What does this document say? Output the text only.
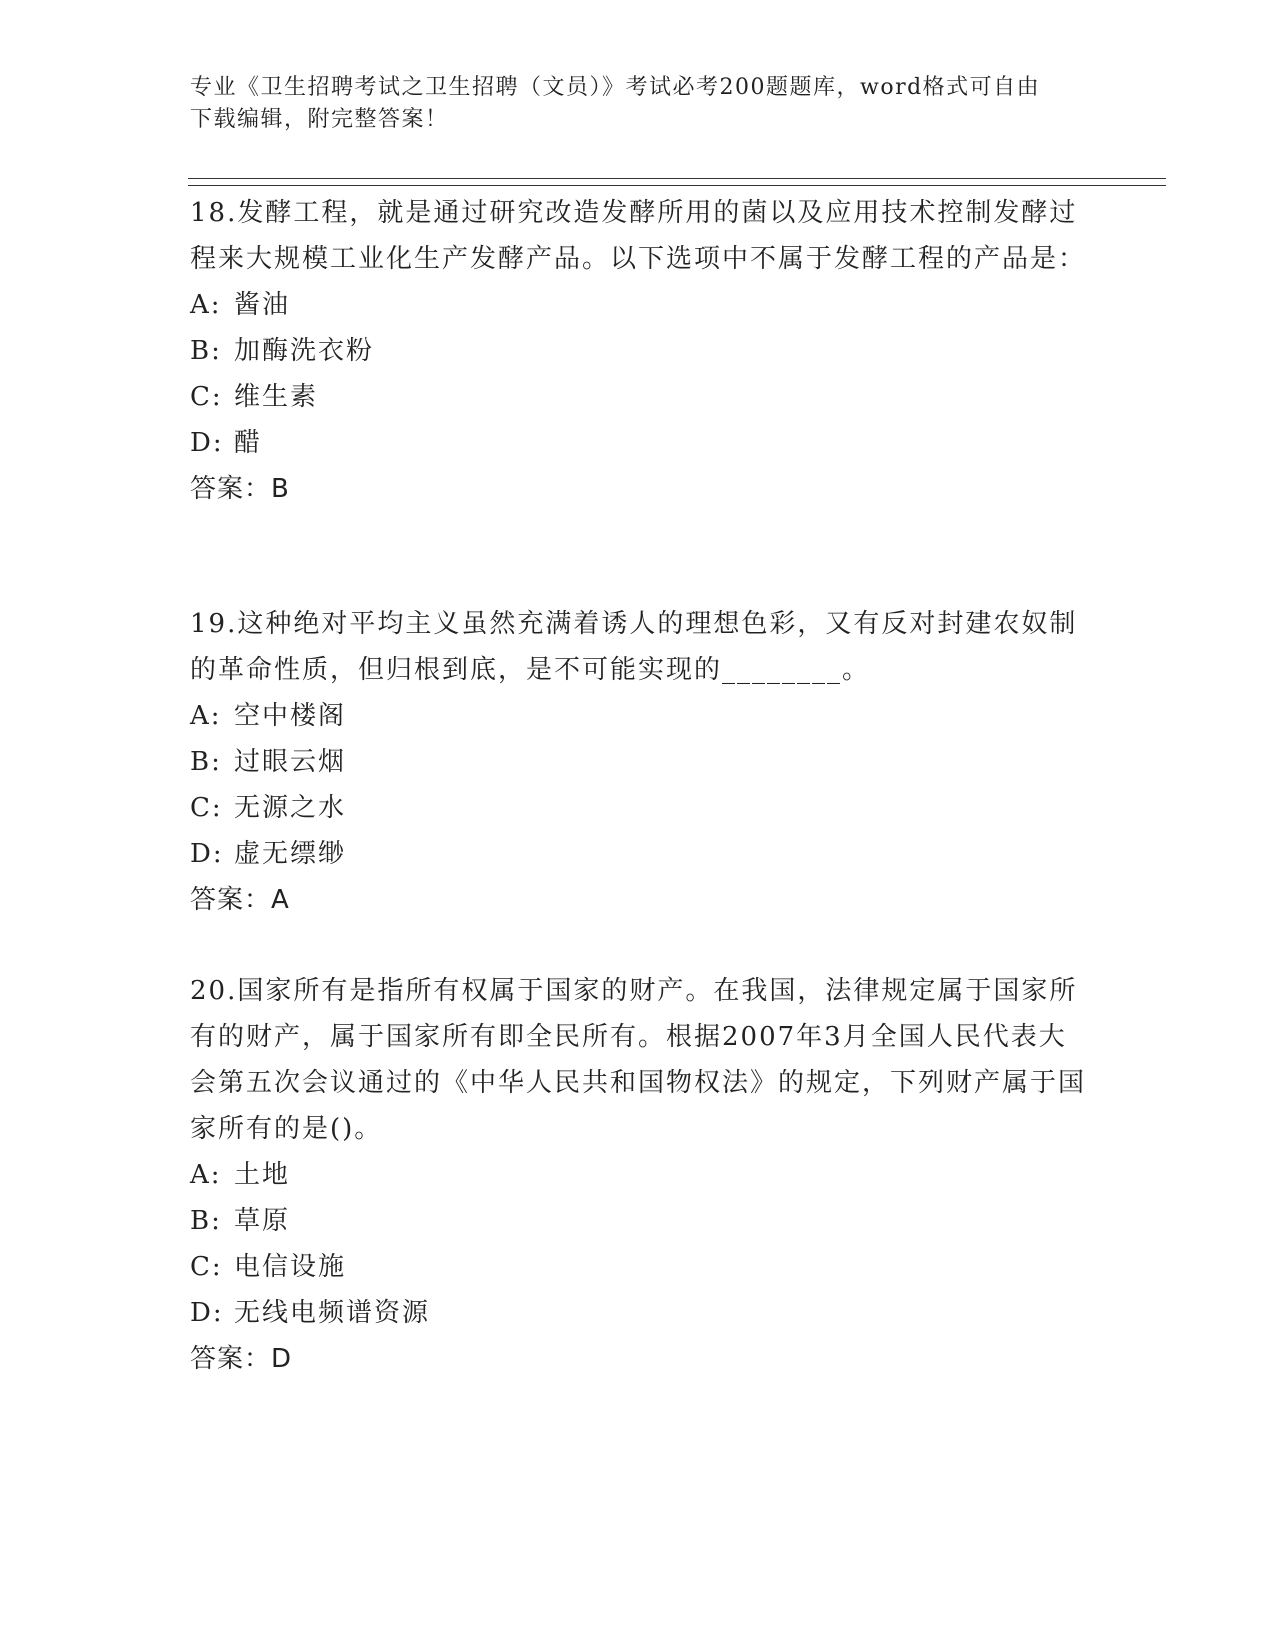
专业《卫生招聘考试之卫生招聘（文员）》考试必考200题题库，word格式可自由下载编辑，附完整答案！

18.发酵工程，就是通过研究改造发酵所用的菌以及应用技术控制发酵过程来大规模工业化生产发酵产品。以下选项中不属于发酵工程的产品是：

A: 酱油

B: 加酶洗衣粉

C: 维生素

D: 醋

答案：B

19.这种绝对平均主义虽然充满着诱人的理想色彩，又有反对封建农奴制的革命性质，但归根到底，是不可能实现的________。

A: 空中楼阁

B: 过眼云烟

C: 无源之水

D: 虚无缥缈

答案：A

20.国家所有是指所有权属于国家的财产。在我国，法律规定属于国家所有的财产，属于国家所有即全民所有。根据2007年3月全国人民代表大会第五次会议通过的《中华人民共和国物权法》的规定，下列财产属于国家所有的是()。

A: 土地

B: 草原

C: 电信设施

D: 无线电频谱资源

答案：D
